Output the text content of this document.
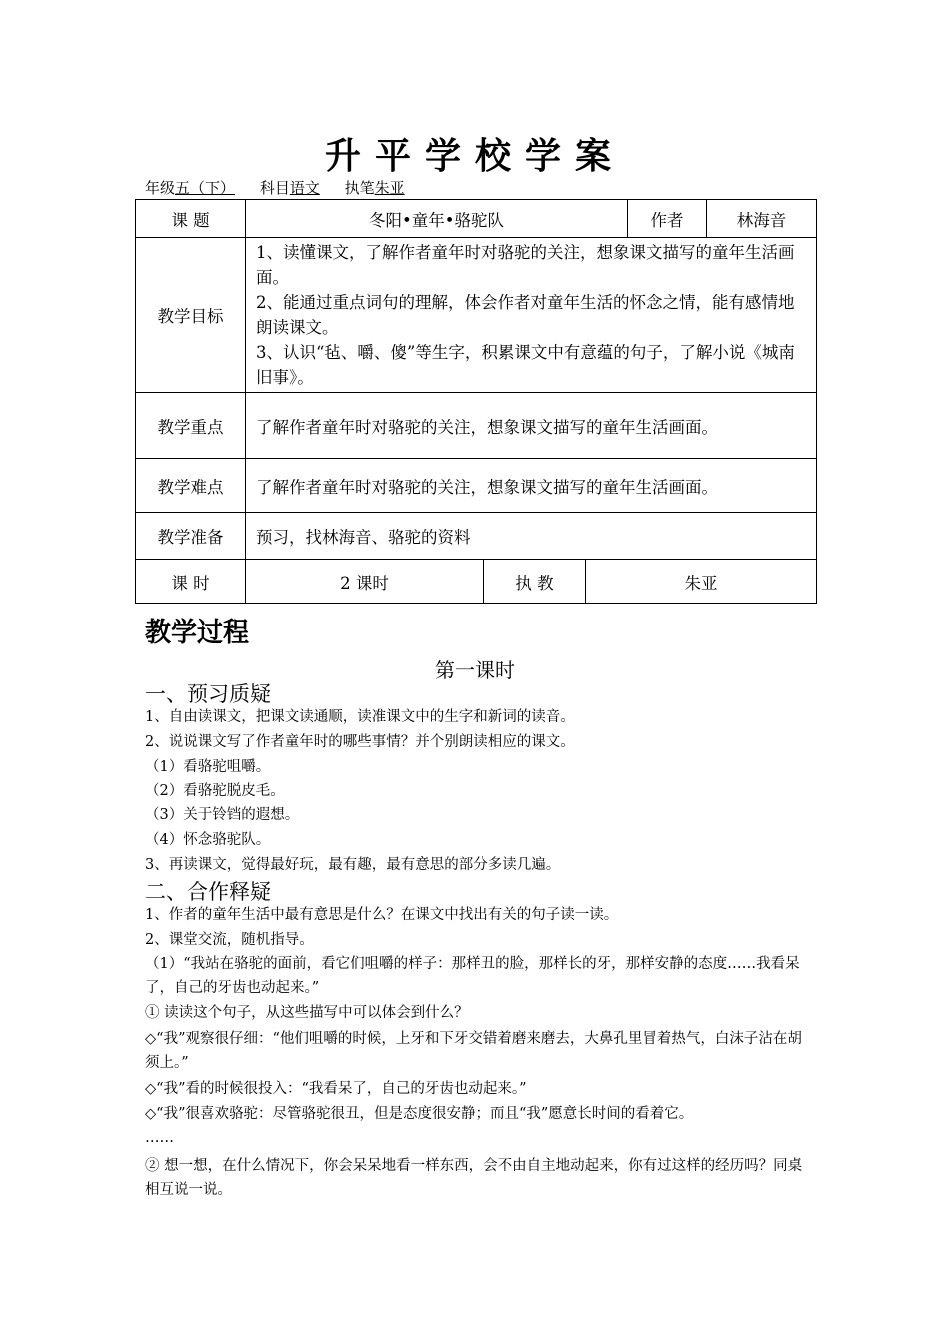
升平学校学案
年级五（下） 科目语文 执笔朱亚
课 题	冬阳•童年•骆驼队			作者 林海音

教学目标	1、读懂课文，了解作者童年时对骆驼的关注，想象课文描写的童年生活画面。
2、能通过重点词句的理解，体会作者对童年生活的怀念之情，能有感情地朗读课文。
3、认识“毡、嚼、傻”等生字，积累课文中有意蕴的句子，了解小说《城南旧事》。			

教学重点	了解作者童年时对骆驼的关注，想象课文描写的童年生活画面。			
教学难点	了解作者童年时对骆驼的关注，想象课文描写的童年生活画面。			
教学准备	预习，找林海音、骆驼的资料			
课 时	2 课时	执 教	朱亚	
教学过程
第一课时
一、预习质疑
1、自由读课文，把课文读通顺，读准课文中的生字和新词的读音。
2、说说课文写了作者童年时的哪些事情？并个别朗读相应的课文。
（1）看骆驼咀嚼。
（2）看骆驼脱皮毛。
（3）关于铃铛的遐想。
（4）怀念骆驼队。
3、再读课文，觉得最好玩，最有趣，最有意思的部分多读几遍。
二、合作释疑
1、作者的童年生活中最有意思是什么？在课文中找出有关的句子读一读。
2、课堂交流，随机指导。
（1）“我站在骆驼的面前，看它们咀嚼的样子：那样丑的脸，那样长的牙，那样安静的态度……我看呆了，自己的牙齿也动起来。”
① 读读这个句子，从这些描写中可以体会到什么？
◇“我”观察很仔细：“他们咀嚼的时候，上牙和下牙交错着磨来磨去，大鼻孔里冒着热气，白沫子沾在胡须上。”
◇“我”看的时候很投入：“我看呆了，自己的牙齿也动起来。”
◇“我”很喜欢骆驼：尽管骆驼很丑，但是态度很安静；而且“我”愿意长时间的看着它。
……
② 想一想，在什么情况下，你会呆呆地看一样东西，会不由自主地动起来，你有过这样的经历吗？同桌相互说一说。
